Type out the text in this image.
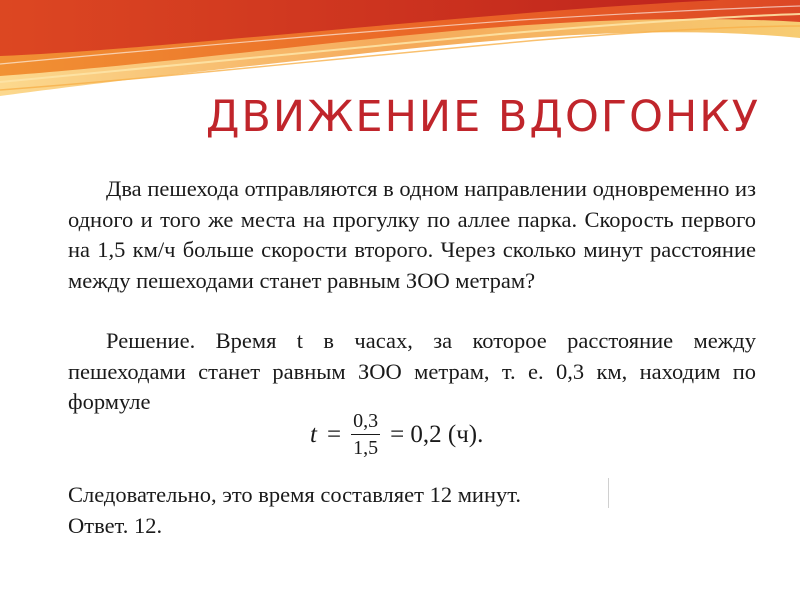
ДВИЖЕНИЕ ВДОГОНКУ

Два пешехода отправляются в одном направлении одновременно из одного и того же места на прогулку по аллее парка. Скорость первого на 1,5 км/ч больше скорости второго. Через сколько минут расстояние между пешеходами станет равным ЗОО метрам?

Решение. Время t в часах, за которое расстояние между пешеходами станет равным ЗОО метрам, т. е. 0,3 км, находим по формуле

$t = \frac{0,3}{1,5} = 0,2$ (ч).
Следовательно, это время составляет 12 минут.
Ответ. 12.
